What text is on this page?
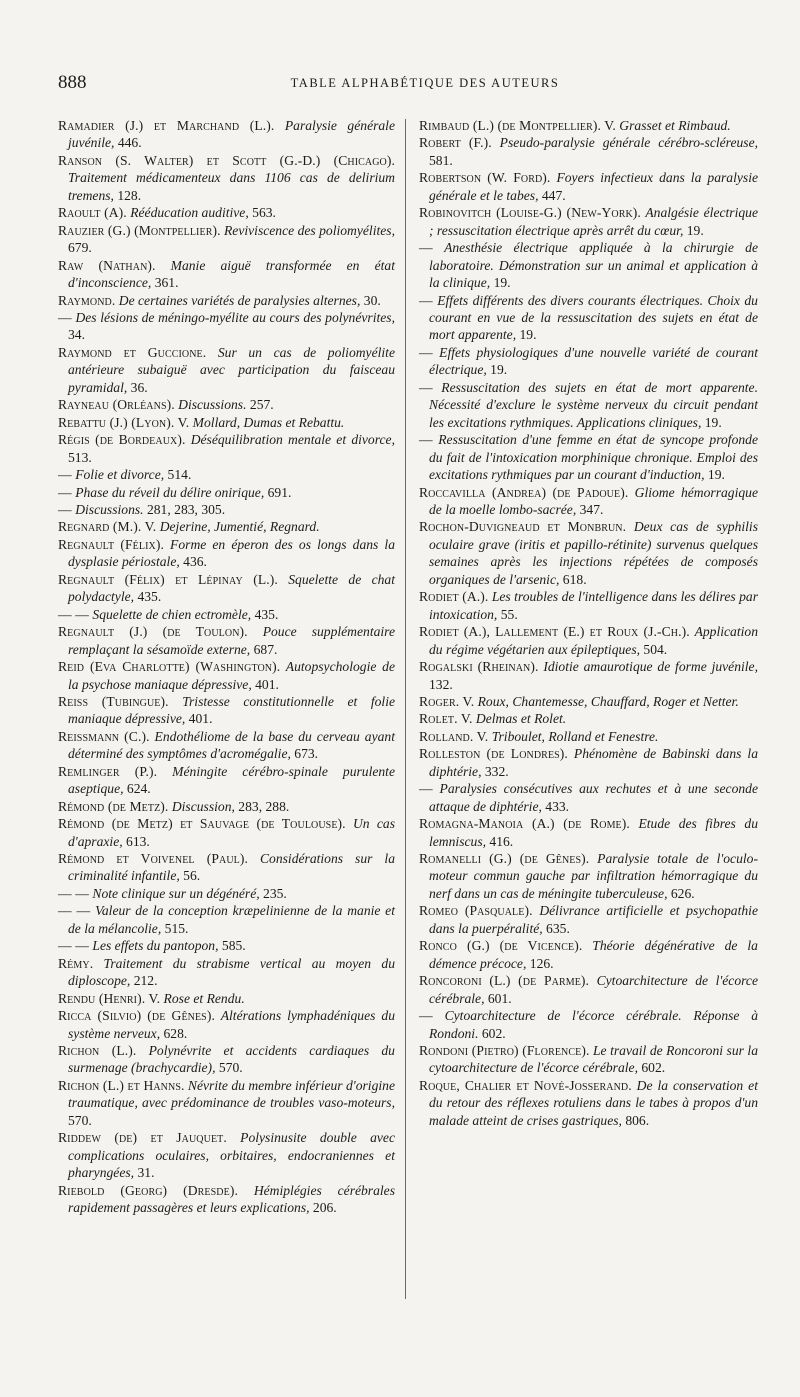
888	TABLE ALPHABÉTIQUE DES AUTEURS

Ramadier (J.) et Marchand (L.). Paralysie générale juvénile, 446.

Ranson (S. Walter) et Scott (G.-D.) (Chicago). Traitement médicamenteux dans 1106 cas de delirium tremens, 128.

Raoult (A). Rééducation auditive, 563.

Rauzier (G.) (Montpellier). Reviviscence des poliomyélites, 679.

Raw (Nathan). Manie aiguë transformée en état d'inconscience, 361.

Raymond. De certaines variétés de paralysies alternes, 30.

— Des lésions de méningo-myélite au cours des polynévrites, 34.

Raymond et Guccione. Sur un cas de poliomyélite antérieure subaiguë avec participation du faisceau pyramidal, 36.

Rayneau (Orléans). Discussions. 257.

Rebattu (J.) (Lyon). V. Mollard, Dumas et Rebattu.

Régis (de Bordeaux). Déséquilibration mentale et divorce, 513.

— Folie et divorce, 514.

— Phase du réveil du délire onirique, 691.

— Discussions. 281, 283, 305.

Regnard (M.). V. Dejerine, Jumentié, Regnard.

Regnault (Félix). Forme en éperon des os longs dans la dysplasie périostale, 436.

Regnault (Félix) et Lépinay (L.). Squelette de chat polydactyle, 435.

— — Squelette de chien ectromèle, 435.

Regnault (J.) (de Toulon). Pouce supplémentaire remplaçant la sésamoïde externe, 687.

Reid (Eva Charlotte) (Washington). Autopsychologie de la psychose maniaque dépressive, 401.

Reiss (Tubingue). Tristesse constitutionnelle et folie maniaque dépressive, 401.

Reissmann (C.). Endothéliome de la base du cerveau ayant déterminé des symptômes d'acromégalie, 673.

Remlinger (P.). Méningite cérébro-spinale purulente aseptique, 624.

Rémond (de Metz). Discussion, 283, 288.

Rémond (de Metz) et Sauvage (de Toulouse). Un cas d'apraxie, 613.

Rémond et Voivenel (Paul). Considérations sur la criminalité infantile, 56.

— — Note clinique sur un dégénéré, 235.

— — Valeur de la conception kræpelinienne de la manie et de la mélancolie, 515.

— — Les effets du pantopon, 585.

Rémy. Traitement du strabisme vertical au moyen du diploscope, 212.

Rendu (Henri). V. Rose et Rendu.

Ricca (Silvio) (de Gênes). Altérations lymphadéniques du système nerveux, 628.

Richon (L.). Polynévrite et accidents cardiaques du surmenage (brachycardie), 570.

Richon (L.) et Hanns. Névrite du membre inférieur d'origine traumatique, avec prédominance de troubles vaso-moteurs, 570.

Riddew (de) et Jauquet. Polysinusite double avec complications oculaires, orbitaires, endocraniennes et pharyngées, 31.

Riebold (Georg) (Dresde). Hémiplégies cérébrales rapidement passagères et leurs explications, 206.

Rimbaud (L.) (de Montpellier). V. Grasset et Rimbaud.

Robert (F.). Pseudo-paralysie générale cérébro-scléreuse, 581.

Robertson (W. Ford). Foyers infectieux dans la paralysie générale et le tabes, 447.

Robinovitch (Louise-G.) (New-York). Analgésie électrique ; ressuscitation électrique après arrêt du cœur, 19.

— Anesthésie électrique appliquée à la chirurgie de laboratoire. Démonstration sur un animal et application à la clinique, 19.

— Effets différents des divers courants électriques. Choix du courant en vue de la ressuscitation des sujets en état de mort apparente, 19.

— Effets physiologiques d'une nouvelle variété de courant électrique, 19.

— Ressuscitation des sujets en état de mort apparente. Nécessité d'exclure le système nerveux du circuit pendant les excitations rythmiques. Applications cliniques, 19.

— Ressuscitation d'une femme en état de syncope profonde du fait de l'intoxication morphinique chronique. Emploi des excitations rythmiques par un courant d'induction, 19.

Roccavilla (Andrea) (de Padoue). Gliome hémorragique de la moelle lombo-sacrée, 347.

Rochon-Duvigneaud et Monbrun. Deux cas de syphilis oculaire grave (iritis et papillo-rétinite) survenus quelques semaines après les injections répétées de composés organiques de l'arsenic, 618.

Rodiet (A.). Les troubles de l'intelligence dans les délires par intoxication, 55.

Rodiet (A.), Lallement (E.) et Roux (J.-Ch.). Application du régime végétarien aux épileptiques, 504.

Rogalski (Rheinan). Idiotie amaurotique de forme juvénile, 132.

Roger. V. Roux, Chantemesse, Chauffard, Roger et Netter.

Rolet. V. Delmas et Rolet.

Rolland. V. Triboulet, Rolland et Fenestre.

Rolleston (de Londres). Phénomène de Babinski dans la diphtérie, 332.

— Paralysies consécutives aux rechutes et à une seconde attaque de diphtérie, 433.

Romagna-Manoia (A.) (de Rome). Etude des fibres du lemniscus, 416.

Romanelli (G.) (de Gênes). Paralysie totale de l'oculo-moteur commun gauche par infiltration hémorragique du nerf dans un cas de méningite tuberculeuse, 626.

Romeo (Pasquale). Délivrance artificielle et psychopathie dans la puerpéralité, 635.

Ronco (G.) (de Vicence). Théorie dégénérative de la démence précoce, 126.

Roncoroni (L.) (de Parme). Cytoarchitecture de l'écorce cérébrale, 601.

— Cytoarchitecture de l'écorce cérébrale. Réponse à Rondoni. 602.

Rondoni (Pietro) (Florence). Le travail de Roncoroni sur la cytoarchitecture de l'écorce cérébrale, 602.

Roque, Chalier et Nové-Josserand. De la conservation et du retour des réflexes rotuliens dans le tabes à propos d'un malade atteint de crises gastriques, 806.
